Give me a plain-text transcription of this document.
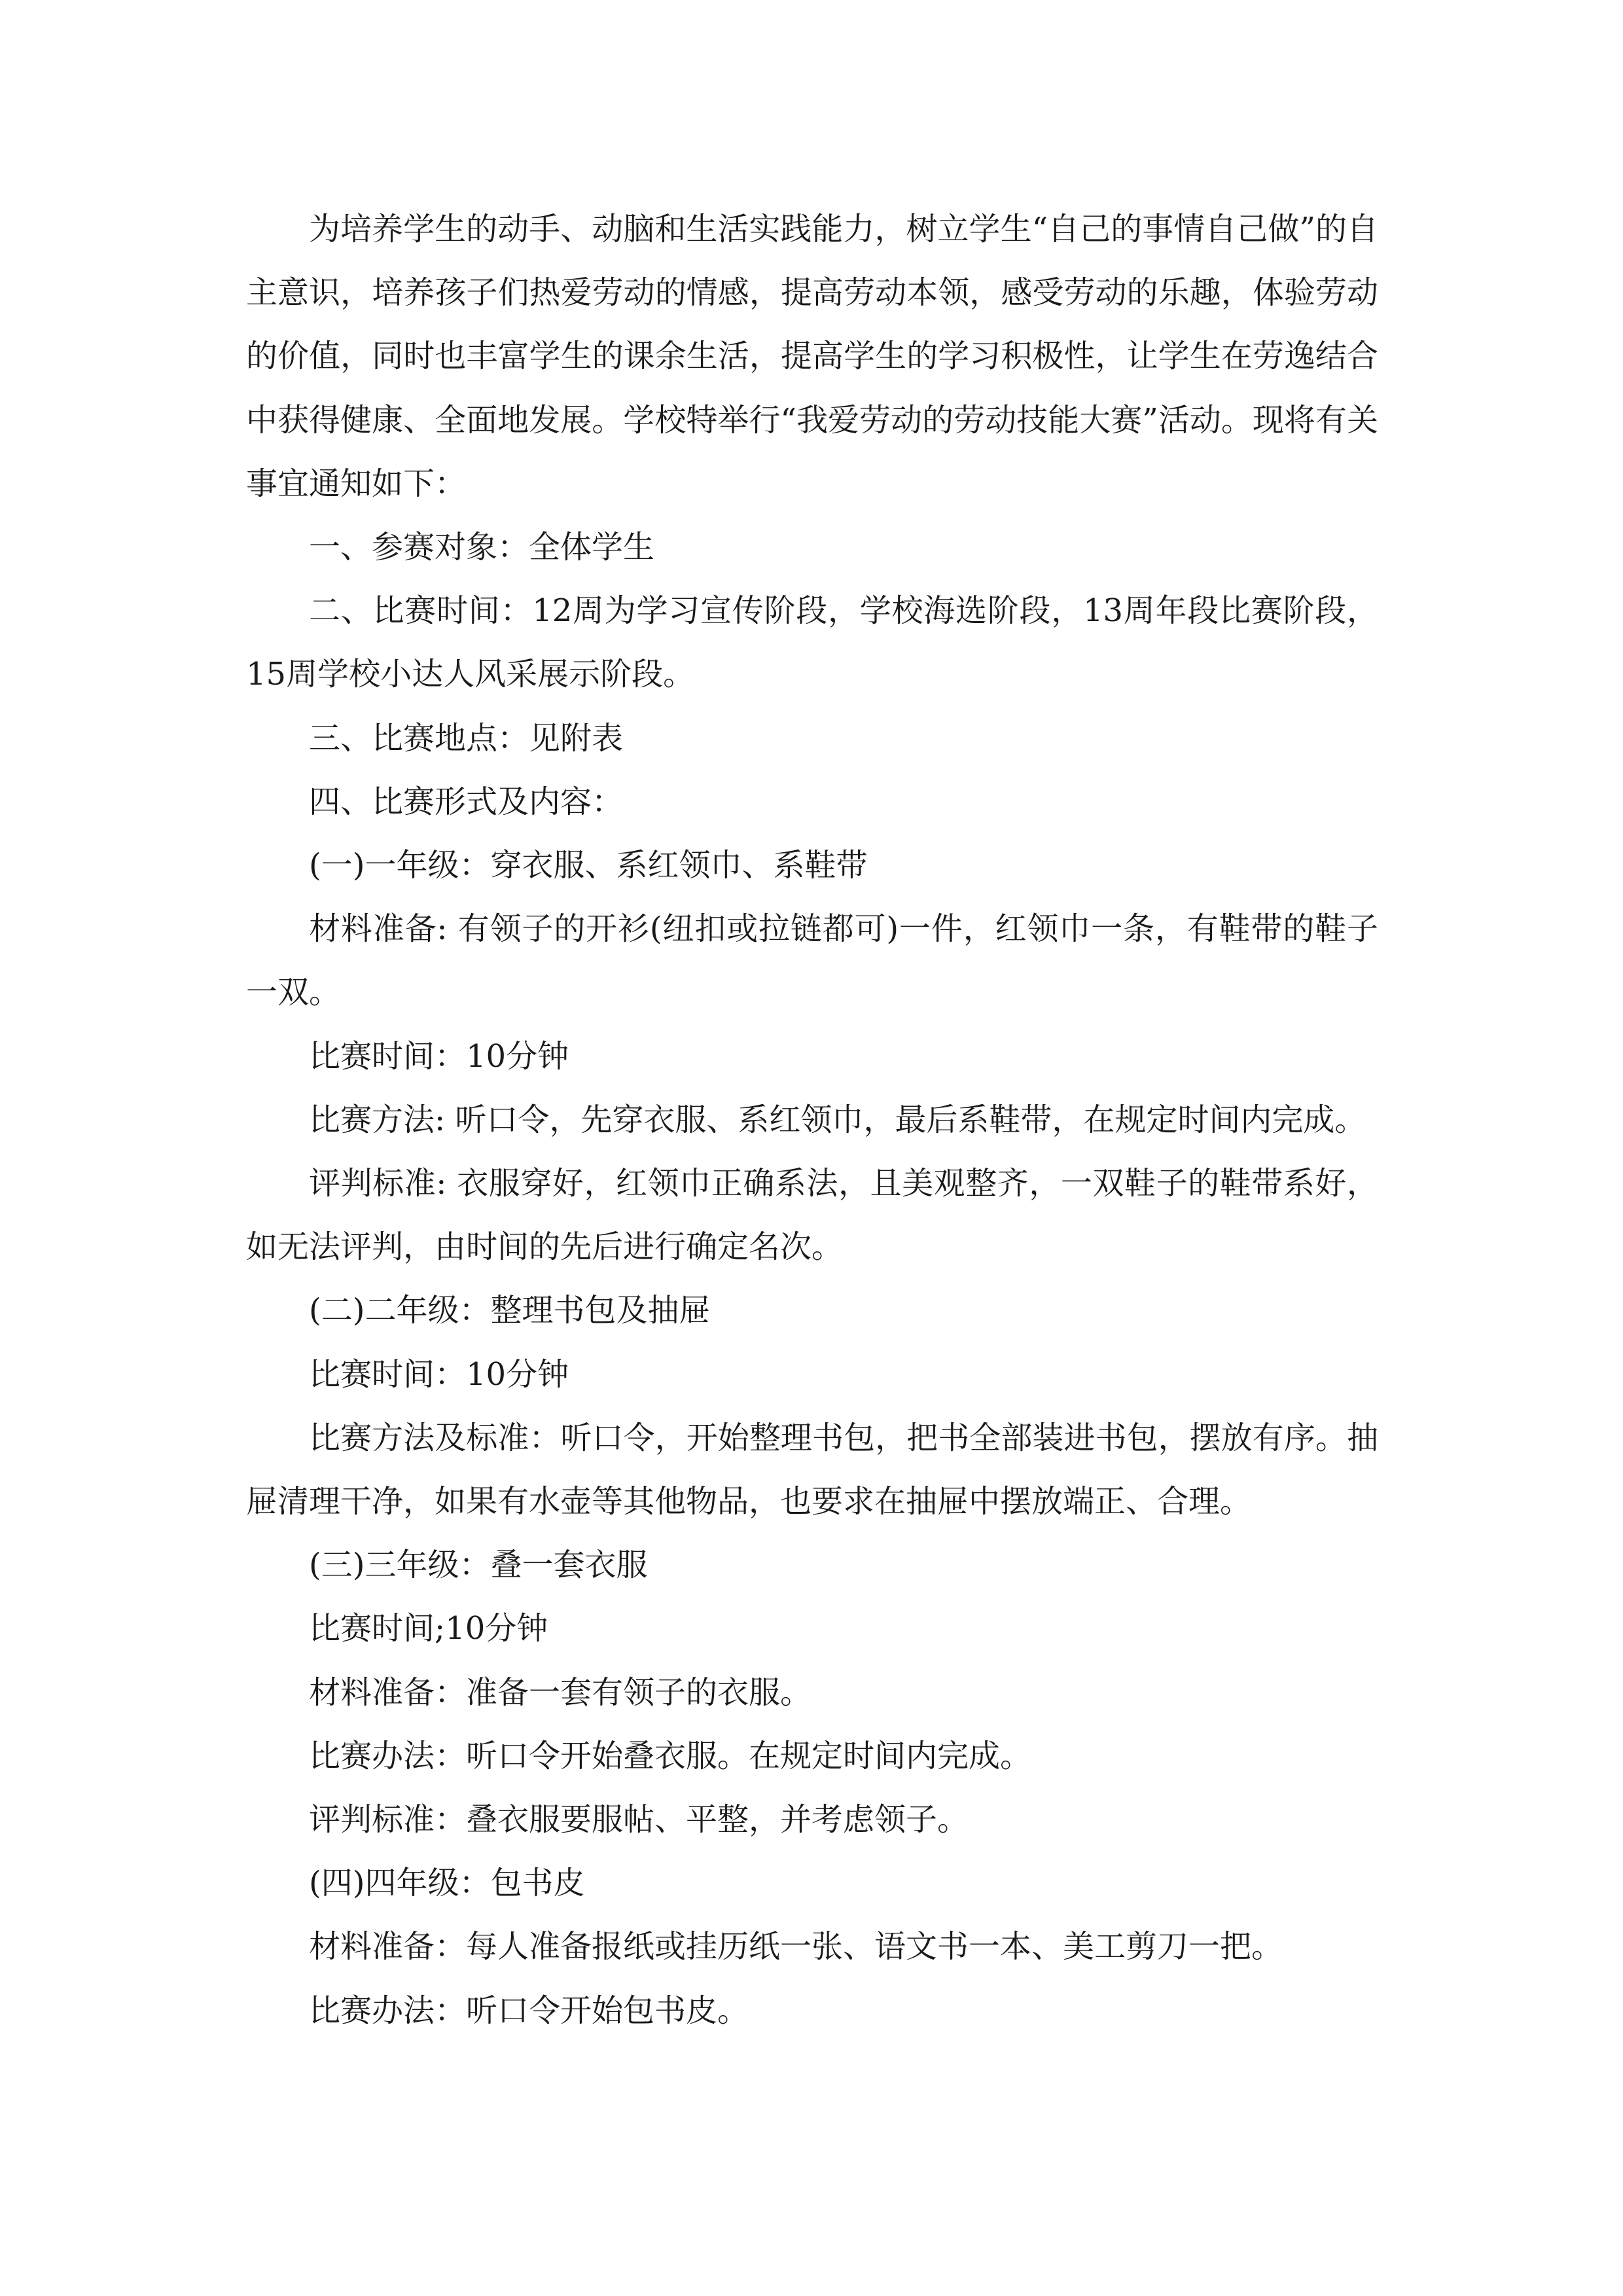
为培养学生的动手、动脑和生活实践能力，树立学生“自己的事情自己做”的自主意识，培养孩子们热爱劳动的情感，提高劳动本领，感受劳动的乐趣，体验劳动的价值，同时也丰富学生的课余生活，提高学生的学习积极性，让学生在劳逸结合中获得健康、全面地发展。学校特举行“我爱劳动的劳动技能大赛”活动。现将有关事宜通知如下：

一、参赛对象：全体学生

二、比赛时间：12周为学习宣传阶段，学校海选阶段，13周年段比赛阶段，15周学校小达人风采展示阶段。

三、比赛地点：见附表

四、比赛形式及内容：

(一)一年级：穿衣服、系红领巾、系鞋带

材料准备: 有领子的开衫(纽扣或拉链都可)一件，红领巾一条，有鞋带的鞋子一双。

比赛时间：10分钟

比赛方法: 听口令，先穿衣服、系红领巾，最后系鞋带，在规定时间内完成。

评判标准: 衣服穿好，红领巾正确系法，且美观整齐，一双鞋子的鞋带系好，如无法评判，由时间的先后进行确定名次。

(二)二年级：整理书包及抽屉

比赛时间：10分钟

比赛方法及标准：听口令，开始整理书包，把书全部装进书包，摆放有序。抽屉清理干净，如果有水壶等其他物品，也要求在抽屉中摆放端正、合理。

(三)三年级：叠一套衣服

比赛时间;10分钟

材料准备：准备一套有领子的衣服。

比赛办法：听口令开始叠衣服。在规定时间内完成。

评判标准：叠衣服要服帖、平整，并考虑领子。

(四)四年级：包书皮

材料准备：每人准备报纸或挂历纸一张、语文书一本、美工剪刀一把。

比赛办法：听口令开始包书皮。
